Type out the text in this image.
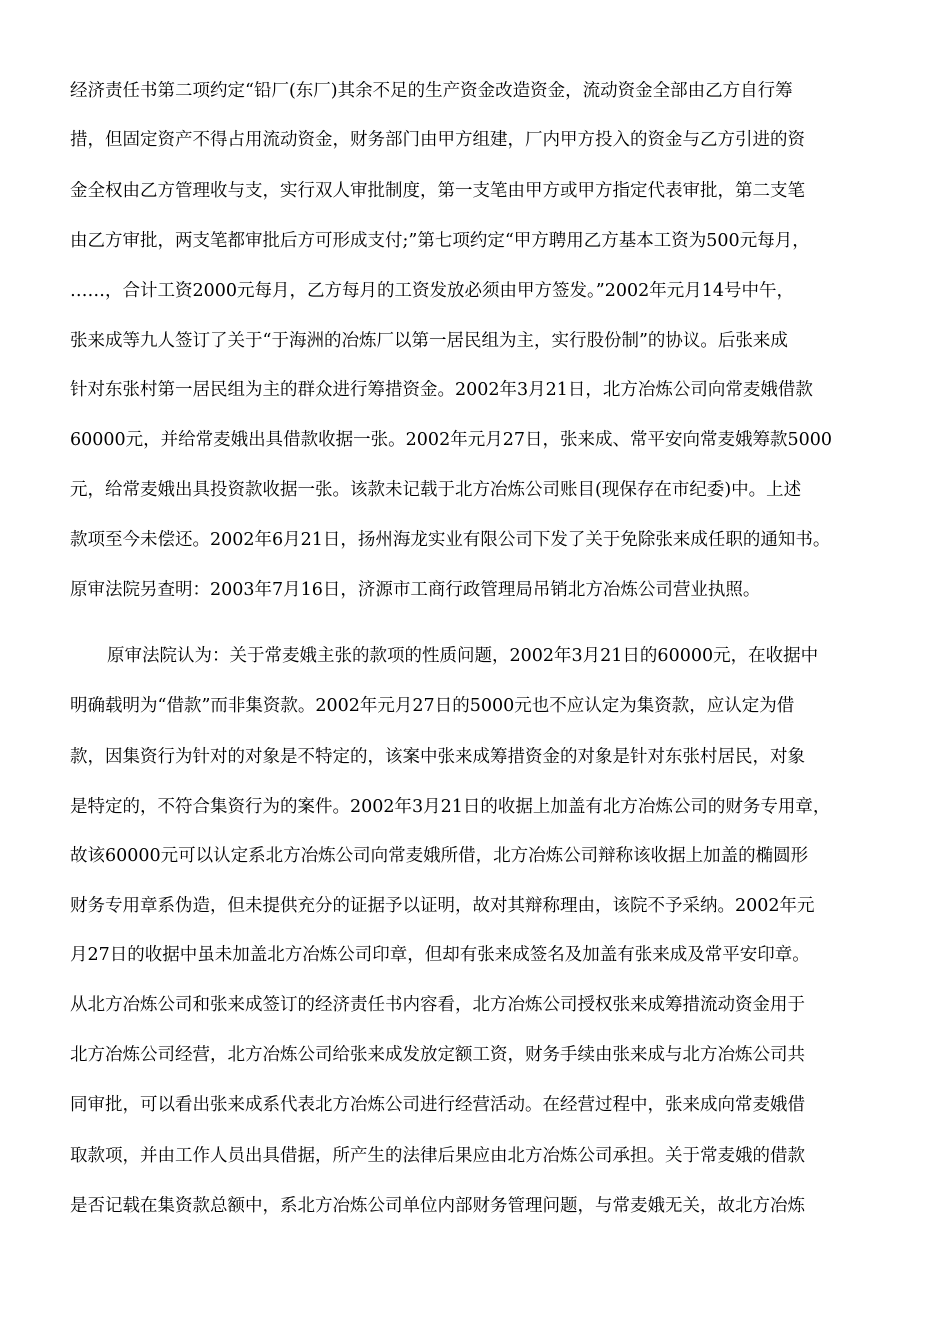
经济责任书第二项约定“铅厂(东厂)其余不足的生产资金改造资金，流动资金全部由乙方自行筹
措，但固定资产不得占用流动资金，财务部门由甲方组建，厂内甲方投入的资金与乙方引进的资
金全权由乙方管理收与支，实行双人审批制度，第一支笔由甲方或甲方指定代表审批，第二支笔
由乙方审批，两支笔都审批后方可形成支付;”第七项约定“甲方聘用乙方基本工资为500元每月，
……，合计工资2000元每月，乙方每月的工资发放必须由甲方签发。”2002年元月14号中午，
张来成等九人签订了关于“于海洲的冶炼厂以第一居民组为主，实行股份制”的协议。后张来成
针对东张村第一居民组为主的群众进行筹措资金。2002年3月21日，北方冶炼公司向常麦娥借款
60000元，并给常麦娥出具借款收据一张。2002年元月27日，张来成、常平安向常麦娥筹款5000
元，给常麦娥出具投资款收据一张。该款未记载于北方冶炼公司账目(现保存在市纪委)中。上述
款项至今未偿还。2002年6月21日，扬州海龙实业有限公司下发了关于免除张来成任职的通知书。
原审法院另查明：2003年7月16日，济源市工商行政管理局吊销北方冶炼公司营业执照。
原审法院认为：关于常麦娥主张的款项的性质问题，2002年3月21日的60000元，在收据中
明确载明为“借款”而非集资款。2002年元月27日的5000元也不应认定为集资款，应认定为借
款，因集资行为针对的对象是不特定的，该案中张来成筹措资金的对象是针对东张村居民，对象
是特定的，不符合集资行为的案件。2002年3月21日的收据上加盖有北方冶炼公司的财务专用章，
故该60000元可以认定系北方冶炼公司向常麦娥所借，北方冶炼公司辩称该收据上加盖的椭圆形
财务专用章系伪造，但未提供充分的证据予以证明，故对其辩称理由，该院不予采纳。2002年元
月27日的收据中虽未加盖北方冶炼公司印章，但却有张来成签名及加盖有张来成及常平安印章。
从北方冶炼公司和张来成签订的经济责任书内容看，北方冶炼公司授权张来成筹措流动资金用于
北方冶炼公司经营，北方冶炼公司给张来成发放定额工资，财务手续由张来成与北方冶炼公司共
同审批，可以看出张来成系代表北方冶炼公司进行经营活动。在经营过程中，张来成向常麦娥借
取款项，并由工作人员出具借据，所产生的法律后果应由北方冶炼公司承担。关于常麦娥的借款
是否记载在集资款总额中，系北方冶炼公司单位内部财务管理问题，与常麦娥无关，故北方冶炼
